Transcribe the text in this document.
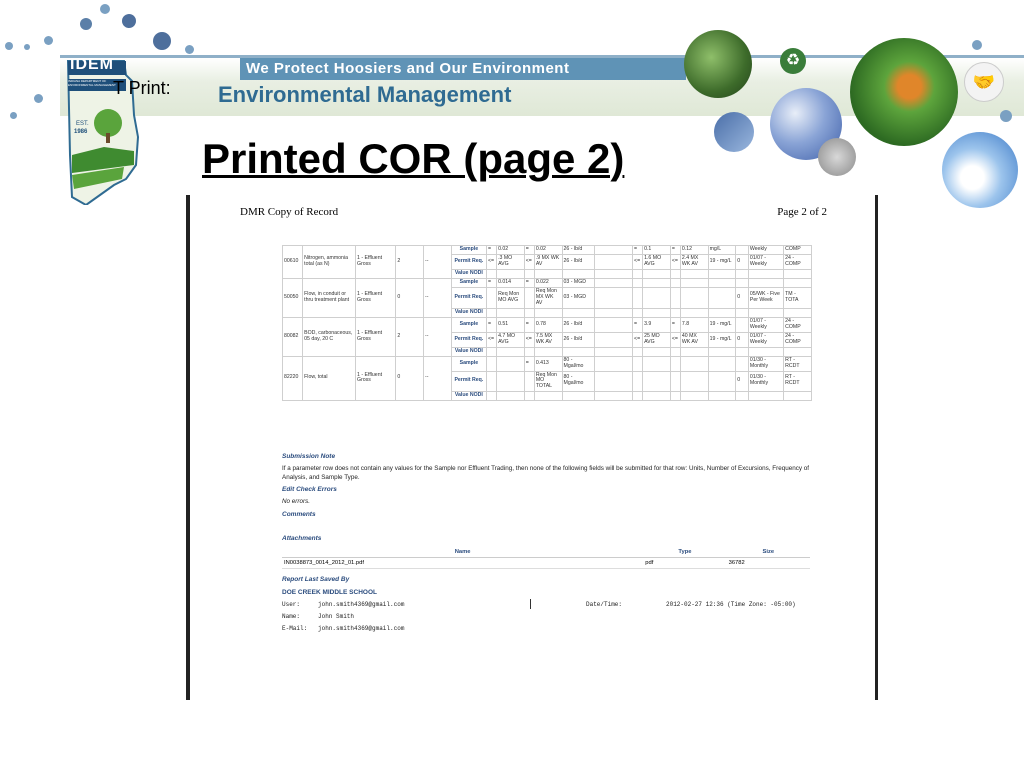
We Protect Hoosiers and Our Environment
Environmental Management
EST.
1986
IDEM
INDIANA DEPARTMENT OF ENVIRONMENTAL MANAGEMENT
T Print:
♻
🤝
Printed COR (page 2)
DMR Copy of Record	Page 2 of 2
00610	Nitrogen, ammonia total (as N)	1 - Effluent Gross	2	--	Sample	=	0.02	=	0.02	26 - lb/d		=	0.1	=	0.12	mg/L		Weekly	COMP
					Permit Req.	<=	.3 MO AVG	<=	.9 MX WK AV	26 - lb/d		<=	1.6 MO AVG	<=	2.4 MX WK AV	19 - mg/L	0	01/07 - Weekly	24 - COMP
					Value NODI														
50050	Flow, in conduit or thru treatment plant	1 - Effluent Gross	0	--	Sample	=	0.014	=	0.022	03 - MGD									
					Permit Req.		Req Mon MO AVG		Req Mon MX WK AV	03 - MGD							0	05/WK - Five Per Week	TM - TOTA
					Value NODI														
80082	BOD, carbonaceous, 05 day, 20 C	1 - Effluent Gross	2	--	Sample	=	0.51	=	0.78	26 - lb/d		=	3.9	=	7.8	19 - mg/L		01/07 - Weekly	24 - COMP
					Permit Req.	<=	4.7 MO AVG	<=	7.5 MX WK AV	26 - lb/d		<=	25 MO AVG	<=	40 MX WK AV	19 - mg/L	0	01/07 - Weekly	24 - COMP
					Value NODI														
82220	Flow, total	1 - Effluent Gross	0	--	Sample			=	0.413	80 - Mgal/mo								01/30 - Monthly	RT - RCDT
					Permit Req.				Req Mon MO TOTAL	80 - Mgal/mo							0	01/30 - Monthly	RT - RCDT
					Value NODI														
Submission Note
If a parameter row does not contain any values for the Sample nor Effluent Trading, then none of the following fields will be submitted for that row: Units, Number of Excursions, Frequency of Analysis, and Sample Type.
Edit Check Errors
No errors.
Comments
Attachments
Name	Type	Size
IN0038873_0014_2012_01.pdf	pdf	36782
Report Last Saved By
DOE CREEK MIDDLE SCHOOL
User:	john.smith4369@gmail.com
Name:	John Smith
E-Mail: john.smith4369@gmail.com
Date/Time:	2012-02-27 12:36 (Time Zone: -05:00)
